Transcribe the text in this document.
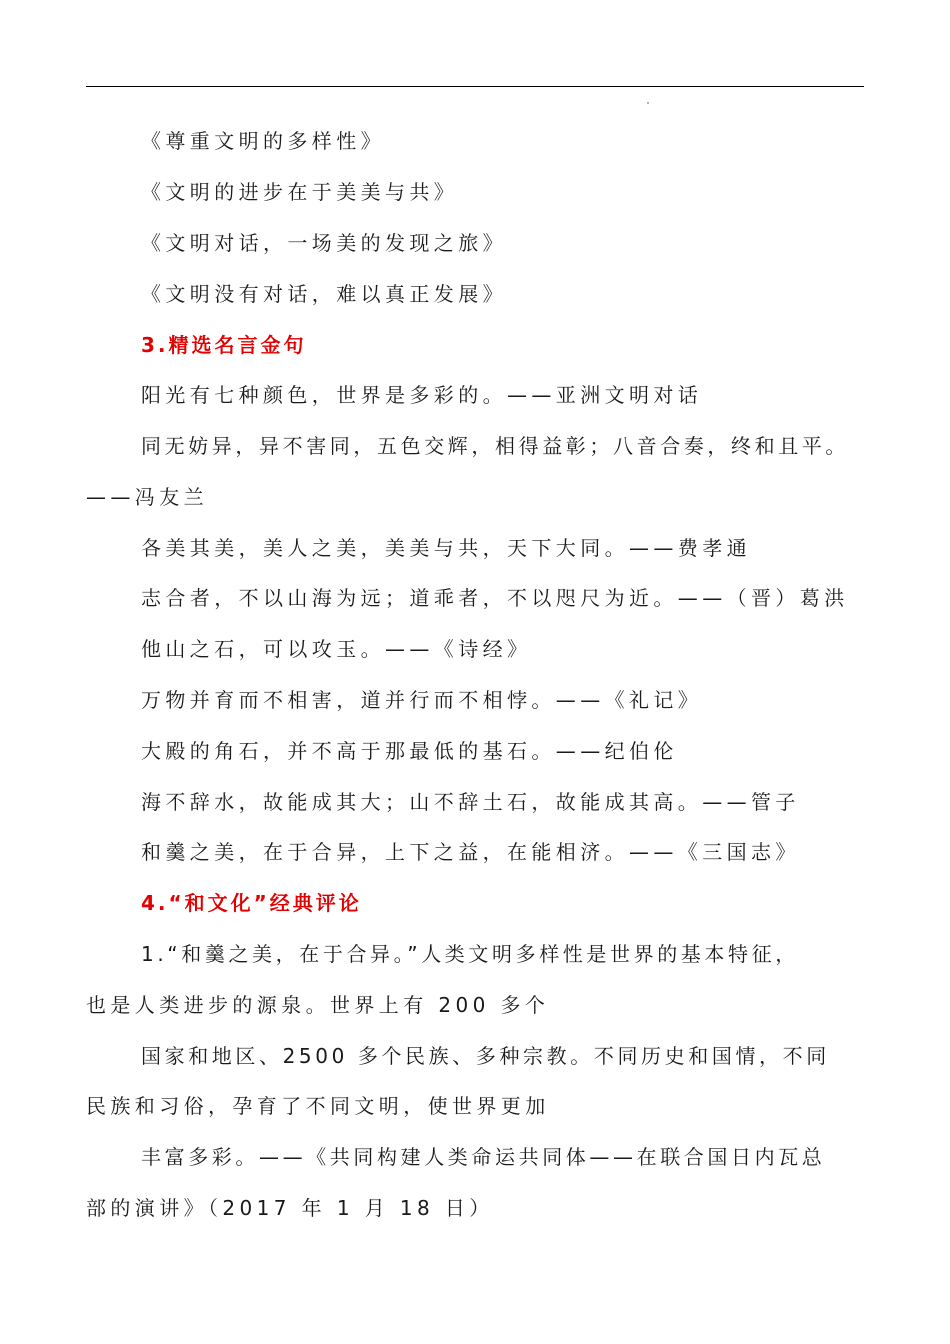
《尊重文明的多样性》
《文明的进步在于美美与共》
《文明对话，一场美的发现之旅》
《文明没有对话，难以真正发展》
3.精选名言金句
阳光有七种颜色，世界是多彩的。——亚洲文明对话
同无妨异，异不害同，五色交辉，相得益彰；八音合奏，终和且平。
——冯友兰
各美其美，美人之美，美美与共，天下大同。——费孝通
志合者，不以山海为远；道乖者，不以咫尺为近。——（晋）葛洪
他山之石，可以攻玉。——《诗经》
万物并育而不相害，道并行而不相悖。——《礼记》
大殿的角石，并不高于那最低的基石。——纪伯伦
海不辞水，故能成其大；山不辞土石，故能成其高。——管子
和羹之美，在于合异，上下之益，在能相济。——《三国志》
4.“和文化”经典评论
1.“和羹之美，在于合异。”人类文明多样性是世界的基本特征，
也是人类进步的源泉。世界上有 200 多个
国家和地区、2500 多个民族、多种宗教。不同历史和国情，不同
民族和习俗，孕育了不同文明，使世界更加
丰富多彩。——《共同构建人类命运共同体——在联合国日内瓦总
部的演讲》（2017 年 1 月 18 日）
